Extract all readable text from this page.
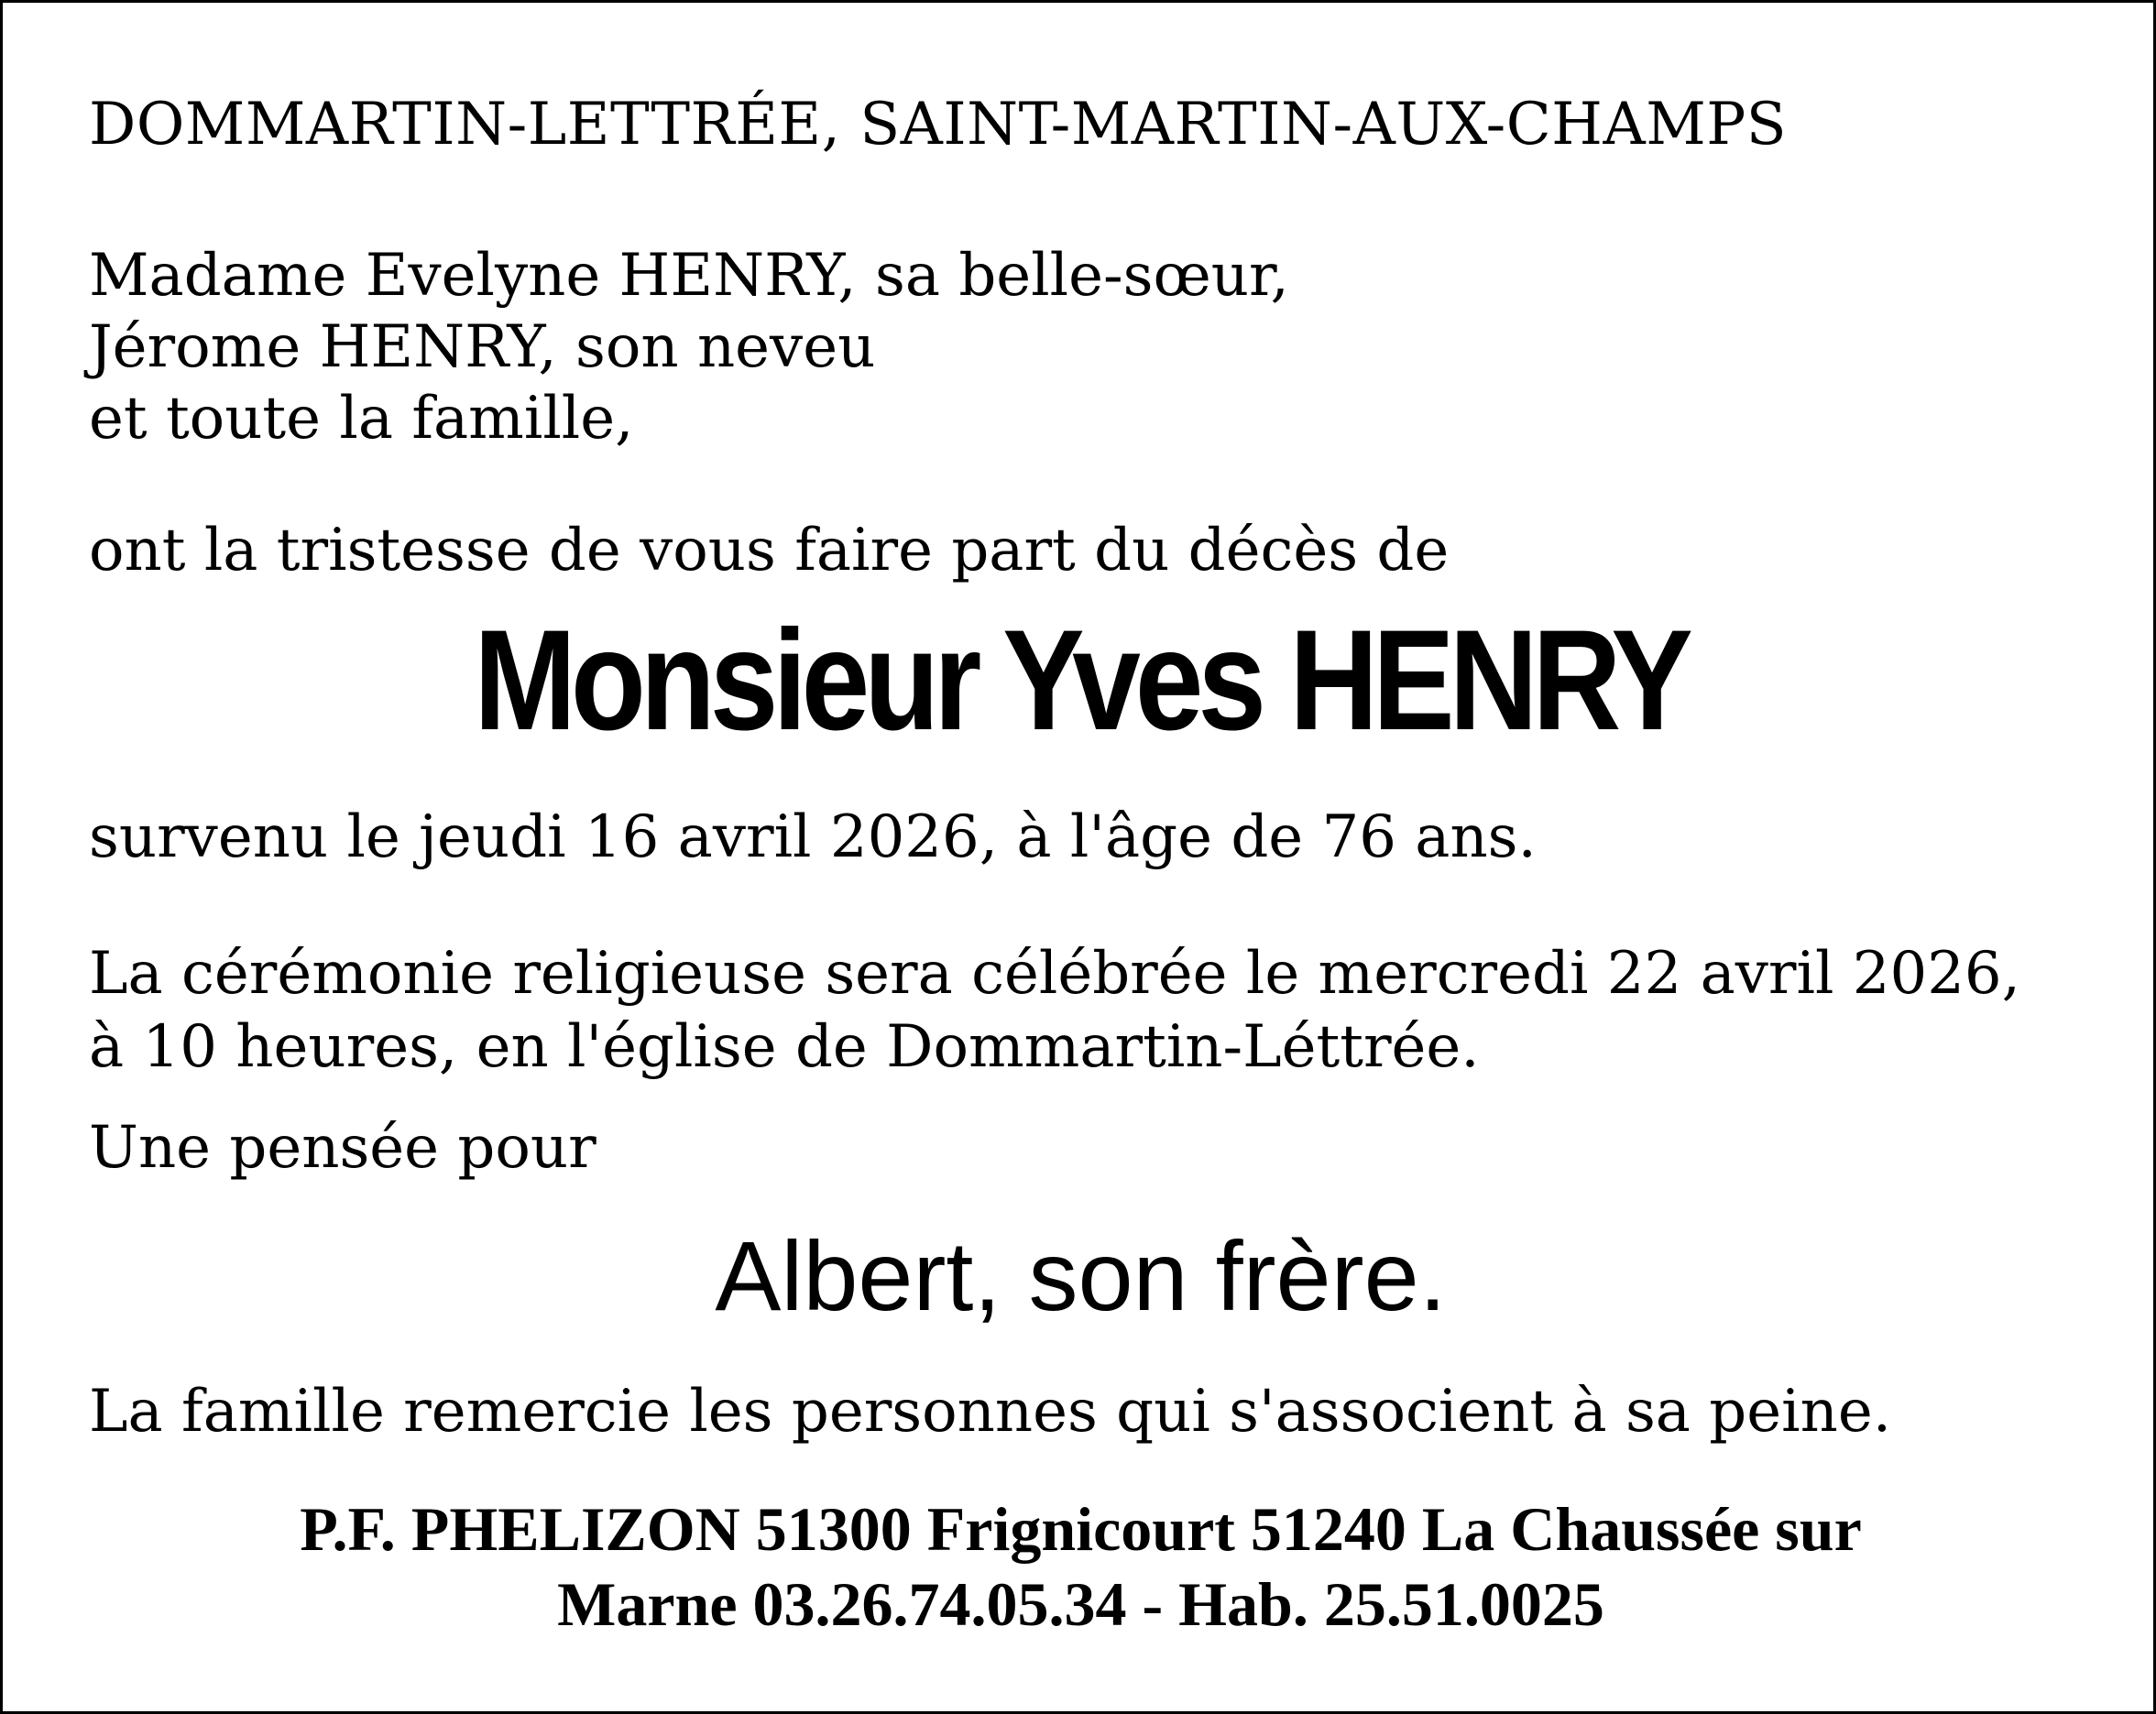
DOMMARTIN-LETTRÉE, SAINT-MARTIN-AUX-CHAMPS
Madame Evelyne HENRY, sa belle-sœur,
Jérome HENRY, son neveu
et toute la famille,
ont la tristesse de vous faire part du décès de
Monsieur Yves HENRY
survenu le jeudi 16 avril 2026, à l'âge de 76 ans.
La cérémonie religieuse sera célébrée le mercredi 22 avril 2026,
à 10 heures, en l'église de Dommartin-Léttrée.
Une pensée pour
Albert, son frère.
La famille remercie les personnes qui s'associent à sa peine.
P.F. PHELIZON 51300 Frignicourt 51240 La Chaussée sur
Marne 03.26.74.05.34 - Hab. 25.51.0025
